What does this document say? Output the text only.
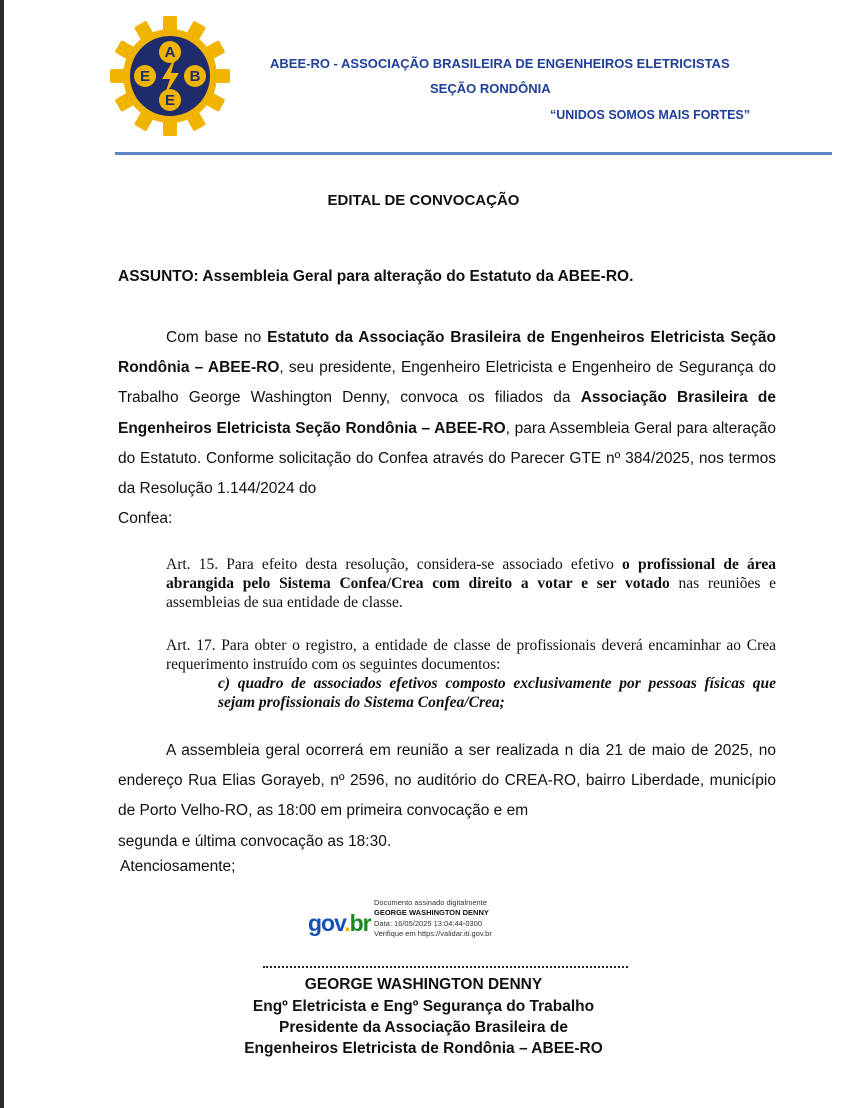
A
E	B
E
ABEE-RO - ASSOCIAÇÃO BRASILEIRA DE ENGENHEIROS ELETRICISTAS
SEÇÃO RONDÔNIA
“UNIDOS SOMOS MAIS FORTES”
EDITAL DE CONVOCAÇÃO
ASSUNTO: Assembleia Geral para alteração do Estatuto da ABEE-RO.

Com base no Estatuto da Associação Brasileira de Engenheiros Eletricista Seção Rondônia – ABEE-RO, seu presidente, Engenheiro Eletricista e Engenheiro de Segurança do Trabalho George Washington Denny, convoca os filiados da Associação Brasileira de Engenheiros Eletricista Seção Rondônia – ABEE-RO, para Assembleia Geral para alteração do Estatuto. Conforme solicitação do Confea através do Parecer GTE nº 384/2025, nos termos da Resolução 1.144/2024 do
Confea:

Art. 15. Para efeito desta resolução, considera-se associado efetivo o profissional de área abrangida pelo Sistema Confea/Crea com direito a votar e ser votado nas reuniões e assembleias de sua entidade de classe.

Art. 17. Para obter o registro, a entidade de classe de profissionais deverá encaminhar ao Crea requerimento instruído com os seguintes documentos:
c) quadro de associados efetivos composto exclusivamente por pessoas físicas que sejam profissionais do Sistema Confea/Crea;

A assembleia geral ocorrerá em reunião a ser realizada n dia 21 de maio de 2025, no endereço Rua Elias Gorayeb, nº 2596, no auditório do CREA-RO, bairro Liberdade, município de Porto Velho-RO, as 18:00 em primeira convocação e em
segunda e última convocação as 18:30.

Atenciosamente;
gov.br
Documento assinado digitalmente
GEORGE WASHINGTON DENNY
Data: 16/05/2025 13:04:44-0300
Verifique em https://validar.iti.gov.br
GEORGE WASHINGTON DENNY
Engº Eletricista e Engº Segurança do Trabalho
Presidente da Associação Brasileira de
Engenheiros Eletricista de Rondônia – ABEE-RO
